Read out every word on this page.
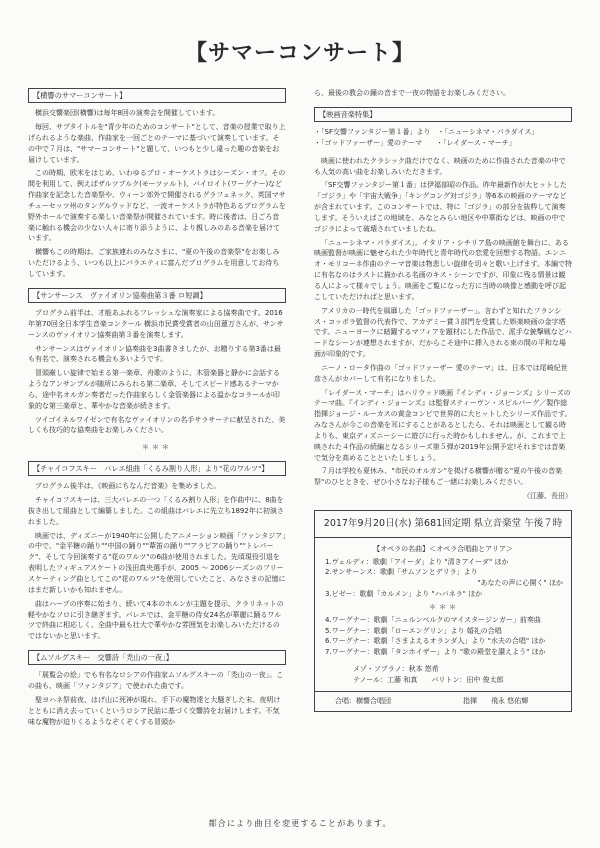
【サマーコンサート】
【横響のサマーコンサート】

横浜交響楽団(横響)は毎年8回の演奏会を開催しています。

毎回、サブタイトルを"青少年のためのコンサート"として、音楽の授業で取り上げられるような楽曲、作曲家を一回ごとのテーマに基づいて演奏しています。その中で７月は、"サマーコンサート"と題して、いつもと少し違った趣の音楽をお届けしています。

この時期、欧米をはじめ、いわゆるプロ・オーケストラはシーズン・オフ。その間を利用して、例えばザルツブルク(モーツァルト)、バイロイト(ワーグナー)など作曲家を記念した音楽祭や、ウィーン郊外で開催されるグラフェネック、英国マサチューセッツ州のタングルウッドなど、一流オーケストラが特色あるプログラムを野外ホールで演奏する楽しい音楽祭が開催されています。時に後者は、日ごろ音楽に触れる機会の少ない人々に寄り添うように、より親しみのある音楽を届けています。

横響もこの時期は、ご家族連れのみなさまに、"夏の午後の音楽祭"をお楽しみいただけるよう、いつも以上にバラエティに富んだプログラムを用意してお待ちしています。

【サンサーンス　ヴァイオリン協奏曲第３番 ロ短調】

プログラム前半は、才能あふれるフレッシュな演奏家による協奏曲です。2016年第70回全日本学生音楽コンクール 横浜市民賞受賞者の山田蓮万さんが、サンサーンスのヴァイオリン協奏曲第３番を演奏します。

サンサーンスはヴァイオリン協奏曲を3曲書きましたが、お贈りする第3番は最も有名で、演奏される機会も多いようです。

冒頭厳しい旋律で始まる第一楽章、舟歌のように、木管楽器と静かに会話するようなアンサンブルが随所にみられる第二楽章、そしてスピード感あるテーマから、途中名オルガン奏者だった作曲家らしく金管楽器による温かなコラールが印象的な第三楽章と、華やかな音楽が続きます。

ツイゴイネルワイゼンで有名なヴァイオリンの名手サラサーテに献呈された、美しくも技巧的な協奏曲をお楽しみください。

＊＊＊
【チャイコフスキー　バレエ組曲「くるみ割り人形」より"花のワルツ"】

プログラム後半は、《映画にちなんだ音楽》を集めました。

チャイコフスキーは、三大バレエの一つ「くるみ割り人形」を作曲中に、8曲を抜き出して組曲として編纂しました。この組曲はバレエに先立ち1892年に初演されました。

映画では、ディズニーが1940年に公開したアニメーション映画「ファンタジア」の中で、"金平糖の踊り""中国の踊り""葦笛の踊り""アラビアの踊り""トレパーク"、そして今回演奏する"花のワルツ"の6曲が使用されました。先頃現役引退を表明したフィギュアスケートの浅田真央選手が、2005 ～ 2006シーズンのフリースケーティング曲としてこの"花のワルツ"を使用していたこと、みなさまの記憶にはまだ新しいかも知れません。

曲はハープの序奏に始まり、続いて4本のホルンが主題を提示、クラリネットの軽やかなソロに引き継ぎます。バレエでは、金平糖の侍女24名が華麗に踊るワルツで終曲に相応しく、全曲中最も壮大で華やかな雰囲気をお楽しみいただけるのではないかと思います。

【ムソルグスキー　交響詩「禿山の一夜」】

「展覧会の絵」でも有名なロシアの作曲家ムソルグスキーの「禿山の一夜」。この曲も、映画「ファンタジア」で使われた曲です。

聖ヨハネ祭前夜、はげ山に死神が現れ、手下の魔物達と大騒ぎした末、夜明けとともに消え去っていくというロシア民話に基づく交響詩をお届けします。不気味な魔物が迫りくるようなぞくぞくする冒頭か

ら、最後の教会の鐘の音まで一夜の物語をお楽しみください。

【映画音楽特集】
・「SF交響ファンタジー第１番」より　・「ニューシネマ・パラダイス」
・「ゴッドファーザー」愛のテーマ　　・「レイダース・マーチ」

映画に使われたクラシック曲だけでなく、映画のために作曲された音楽の中でも人気の高い曲をお楽しみいただきます。

「SF交響ファンタジー第１番」は伊福部昭の作品。昨年最新作が大ヒットした「ゴジラ」や「宇宙大戦争」「キングコング対ゴジラ」等6本の映画のテーマなどが含まれています。このコンサートでは、特に「ゴジラ」の部分を抜粋して演奏します。そういえばこの地域を、みなとみらい地区や中華街などは、映画の中でゴジラによって破壊されていましたね。

「ニューシネマ・パラダイス」。イタリア・シチリア島の映画館を舞台に、ある映画監督が映画に魅せられた少年時代と青年時代の恋愛を回想する物語。エンニオ・モリコーネ作曲のテーマ音楽は物悲しい旋律を切々と歌い上げます。本編で特に有名なのはラストに描かれる名画のキス・シーンですが、印象に残る情景は観る人によって様々でしょう。映画をご覧になった方に当時の映像と感動を呼び起こしていただければと思います。

アメリカの一時代を風靡した「ゴッドファーザー」。言わずと知れたフランシス・コッポラ監督の代表作で、アカデミー賞３部門を受賞した娯楽映画の金字塔です。ニューヨークに暗躍するマフィアを題材にした作品で、派手な銃撃戦などハードなシーンが連想されますが、だからこそ途中に挿入される束の間の平和な場面が印象的です。

ニーノ・ロータ作曲の「ゴッドファーザー 愛のテーマ」は、日本では尾崎紀世彦さんがカバーして有名になりました。

「レイダース・マーチ」はハリウッド映画『インディ・ジョーンズ』シリーズのテーマ曲。『インディ・ジョーンズ』は監督スティーヴン・スピルバーグ／製作総指揮ジョージ・ルーカスの黄金コンビで世界的に大ヒットしたシリーズ作品です。みなさんが今この音楽を耳にすることがあるとしたら、それは映画として観る時よりも、東京ディズニーシーに遊びに行った時かもしれません。が、これまで上映された４作品の続編となるシリーズ第５弾が2019年公開予定!それまでは音楽で気分を高めることといたしましょう。

７月は学校も夏休み、"市民のオルガン"を掲げる横響が贈る"夏の午後の音楽祭"のひとときを、ぜひ小さなお子様もご一緒にお楽しみください。

（江藤、長田）
2017年9月20日(水) 第681回定期 県立音楽堂 午後７時
【オペラの名曲】＜オペラ合唱曲とアリア＞
1.ヴェルディ：歌劇「アイーダ」より "清きアイーダ" ほか
2.サンサーンス：歌劇「サムソンとデリラ」より
"あなたの声に心開く" ほか
3.ビゼー：歌劇「カルメン」より "ハバネラ" ほか
＊＊＊
4.ワーグナー：歌劇「ニュルンベルクのマイスタージンガー」前奏曲
5.ワーグナー：歌劇「ローエングリン」より 婚礼の合唱
6.ワーグナー：歌劇「さまよえるオランダ人」より "水夫の合唱" ほか
7.ワーグナー：歌劇「タンホイザー」より "歌の殿堂を讃えよう" ほか
メゾ・ソプラノ：秋本 悠希
テノール：工藤 和真　　バリトン：田中 俊太郎
合唱：横響合唱団	指揮　　飛永 悠佑輝
都合により曲目を変更することがあります。
